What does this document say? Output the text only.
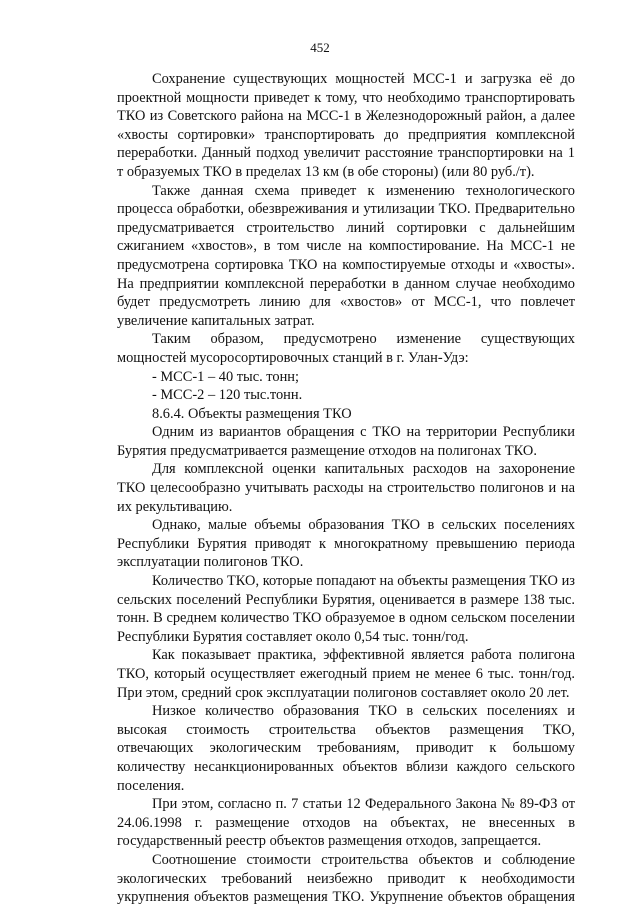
452

Сохранение существующих мощностей МСС-1 и загрузка её до проектной мощности приведет к тому, что необходимо транспортировать ТКО из Советского района на МСС-1 в Железнодорожный район, а далее «хвосты сортировки» транспортировать до предприятия комплексной переработки. Данный подход увеличит расстояние транспортировки на 1 т образуемых ТКО в пределах 13 км (в обе стороны) (или 80 руб./т).

Также данная схема приведет к изменению технологического процесса обработки, обезвреживания и утилизации ТКО. Предварительно предусматривается строительство линий сортировки с дальнейшим сжиганием «хвостов», в том числе на компостирование. На МСС-1 не предусмотрена сортировка ТКО на компостируемые отходы и «хвосты». На предприятии комплексной переработки в данном случае необходимо будет предусмотреть линию для «хвостов» от МСС-1, что повлечет увеличение капитальных затрат.

Таким образом, предусмотрено изменение существующих мощностей мусоросортировочных станций в г. Улан-Удэ:

- МСС-1 – 40 тыс. тонн;

- МСС-2 – 120 тыс.тонн.

8.6.4. Объекты размещения ТКО

Одним из вариантов обращения с ТКО на территории Республики Бурятия предусматривается размещение отходов на полигонах ТКО.

Для комплексной оценки капитальных расходов на захоронение ТКО целесообразно учитывать расходы на строительство полигонов и на их рекультивацию.

Однако, малые объемы образования ТКО в сельских поселениях Республики Бурятия приводят к многократному превышению периода эксплуатации полигонов ТКО.

Количество ТКО, которые попадают на объекты размещения ТКО из сельских поселений Республики Бурятия, оценивается в размере 138 тыс. тонн. В среднем количество ТКО образуемое в одном сельском поселении Республики Бурятия составляет около 0,54 тыс. тонн/год.

Как показывает практика, эффективной является работа полигона ТКО, который осуществляет ежегодный прием не менее 6 тыс. тонн/год. При этом, средний срок эксплуатации полигонов составляет около 20 лет.

Низкое количество образования ТКО в сельских поселениях и высокая стоимость строительства объектов размещения ТКО, отвечающих экологическим требованиям, приводит к большому количеству несанкционированных объектов вблизи каждого сельского поселения.

При этом, согласно п. 7 статьи 12 Федерального Закона № 89-ФЗ от 24.06.1998 г. размещение отходов на объектах, не внесенных в государственный реестр объектов размещения отходов, запрещается.

Соотношение стоимости строительства объектов и соблюдение экологических требований неизбежно приводит к необходимости укрупнения объектов размещения ТКО. Укрупнение объектов обращения
